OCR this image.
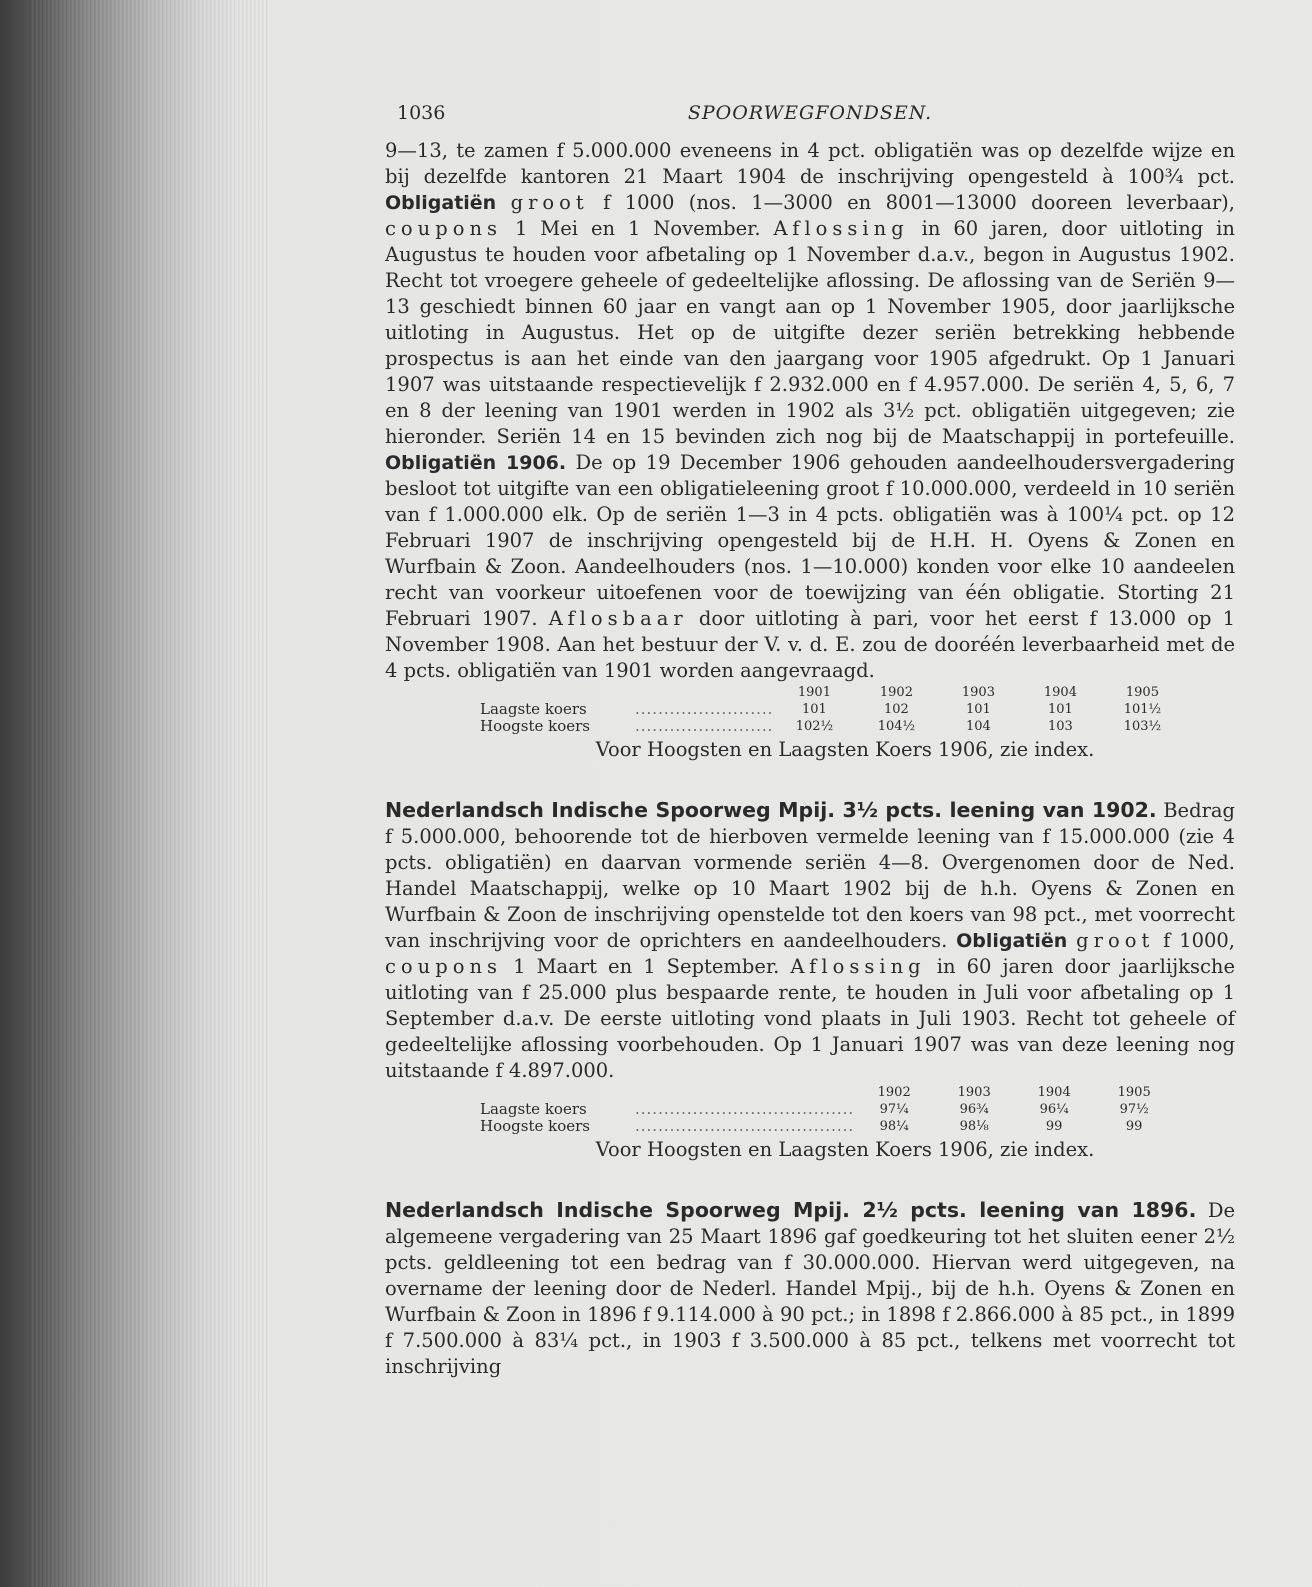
1036	SPOORWEGFONDSEN.

9—13, te zamen f 5.000.000 eveneens in 4 pct. obligatiën was op dezelfde wijze en bij dezelfde kantoren 21 Maart 1904 de inschrijving opengesteld à 100¾ pct. Obligatiën groot f 1000 (nos. 1—3000 en 8001—13000 dooreen leverbaar), coupons 1 Mei en 1 November. Aflossing in 60 jaren, door uitloting in Augustus te houden voor afbetaling op 1 November d.a.v., begon in Augustus 1902. Recht tot vroegere geheele of gedeeltelijke aflossing. De aflossing van de Seriën 9—13 geschiedt binnen 60 jaar en vangt aan op 1 November 1905, door jaarlijksche uitloting in Augustus. Het op de uitgifte dezer seriën betrekking hebbende prospectus is aan het einde van den jaargang voor 1905 afgedrukt. Op 1 Januari 1907 was uitstaande respectievelijk f 2.932.000 en f 4.957.000. De seriën 4, 5, 6, 7 en 8 der leening van 1901 werden in 1902 als 3½ pct. obligatiën uitgegeven; zie hieronder. Seriën 14 en 15 bevinden zich nog bij de Maatschappij in portefeuille. Obligatiën 1906. De op 19 December 1906 gehouden aandeelhoudersvergadering besloot tot uitgifte van een obligatieleening groot f 10.000.000, verdeeld in 10 seriën van f 1.000.000 elk. Op de seriën 1—3 in 4 pcts. obligatiën was à 100¼ pct. op 12 Februari 1907 de inschrijving opengesteld bij de H.H. H. Oyens & Zonen en Wurfbain & Zoon. Aandeelhouders (nos. 1—10.000) konden voor elke 10 aandeelen recht van voorkeur uitoefenen voor de toewijzing van één obligatie. Storting 21 Februari 1907. Aflosbaar door uitloting à pari, voor het eerst f 13.000 op 1 November 1908. Aan het bestuur der V. v. d. E. zou de dooréén leverbaarheid met de 4 pcts. obligatiën van 1901 worden aangevraagd.

		1901	1902	1903	1904	1905
Laagste koers	........................	101	102	101	101	101½
Hoogste koers	........................	102½	104½	104	103	103½
Voor Hoogsten en Laagsten Koers 1906, zie index.

Nederlandsch Indische Spoorweg Mpij. 3½ pcts. leening van 1902. Bedrag f 5.000.000, behoorende tot de hierboven vermelde leening van f 15.000.000 (zie 4 pcts. obligatiën) en daarvan vormende seriën 4—8. Overgenomen door de Ned. Handel Maatschappij, welke op 10 Maart 1902 bij de h.h. Oyens & Zonen en Wurfbain & Zoon de inschrijving openstelde tot den koers van 98 pct., met voorrecht van inschrijving voor de oprichters en aandeelhouders. Obligatiën groot f 1000, coupons 1 Maart en 1 September. Aflossing in 60 jaren door jaarlijksche uitloting van f 25.000 plus bespaarde rente, te houden in Juli voor afbetaling op 1 September d.a.v. De eerste uitloting vond plaats in Juli 1903. Recht tot geheele of gedeeltelijke aflossing voorbehouden. Op 1 Januari 1907 was van deze leening nog uitstaande f 4.897.000.

		1902	1903	1904	1905
Laagste koers	......................................	97¼	96¾	96¼	97½
Hoogste koers	......................................	98¼	98⅛	99	99
Voor Hoogsten en Laagsten Koers 1906, zie index.

Nederlandsch Indische Spoorweg Mpij. 2½ pcts. leening van 1896. De algemeene vergadering van 25 Maart 1896 gaf goedkeuring tot het sluiten eener 2½ pcts. geldleening tot een bedrag van f 30.000.000. Hiervan werd uitgegeven, na overname der leening door de Nederl. Handel Mpij., bij de h.h. Oyens & Zonen en Wurfbain & Zoon in 1896 f 9.114.000 à 90 pct.; in 1898 f 2.866.000 à 85 pct., in 1899 f 7.500.000 à 83¼ pct., in 1903 f 3.500.000 à 85 pct., telkens met voorrecht tot inschrijving
